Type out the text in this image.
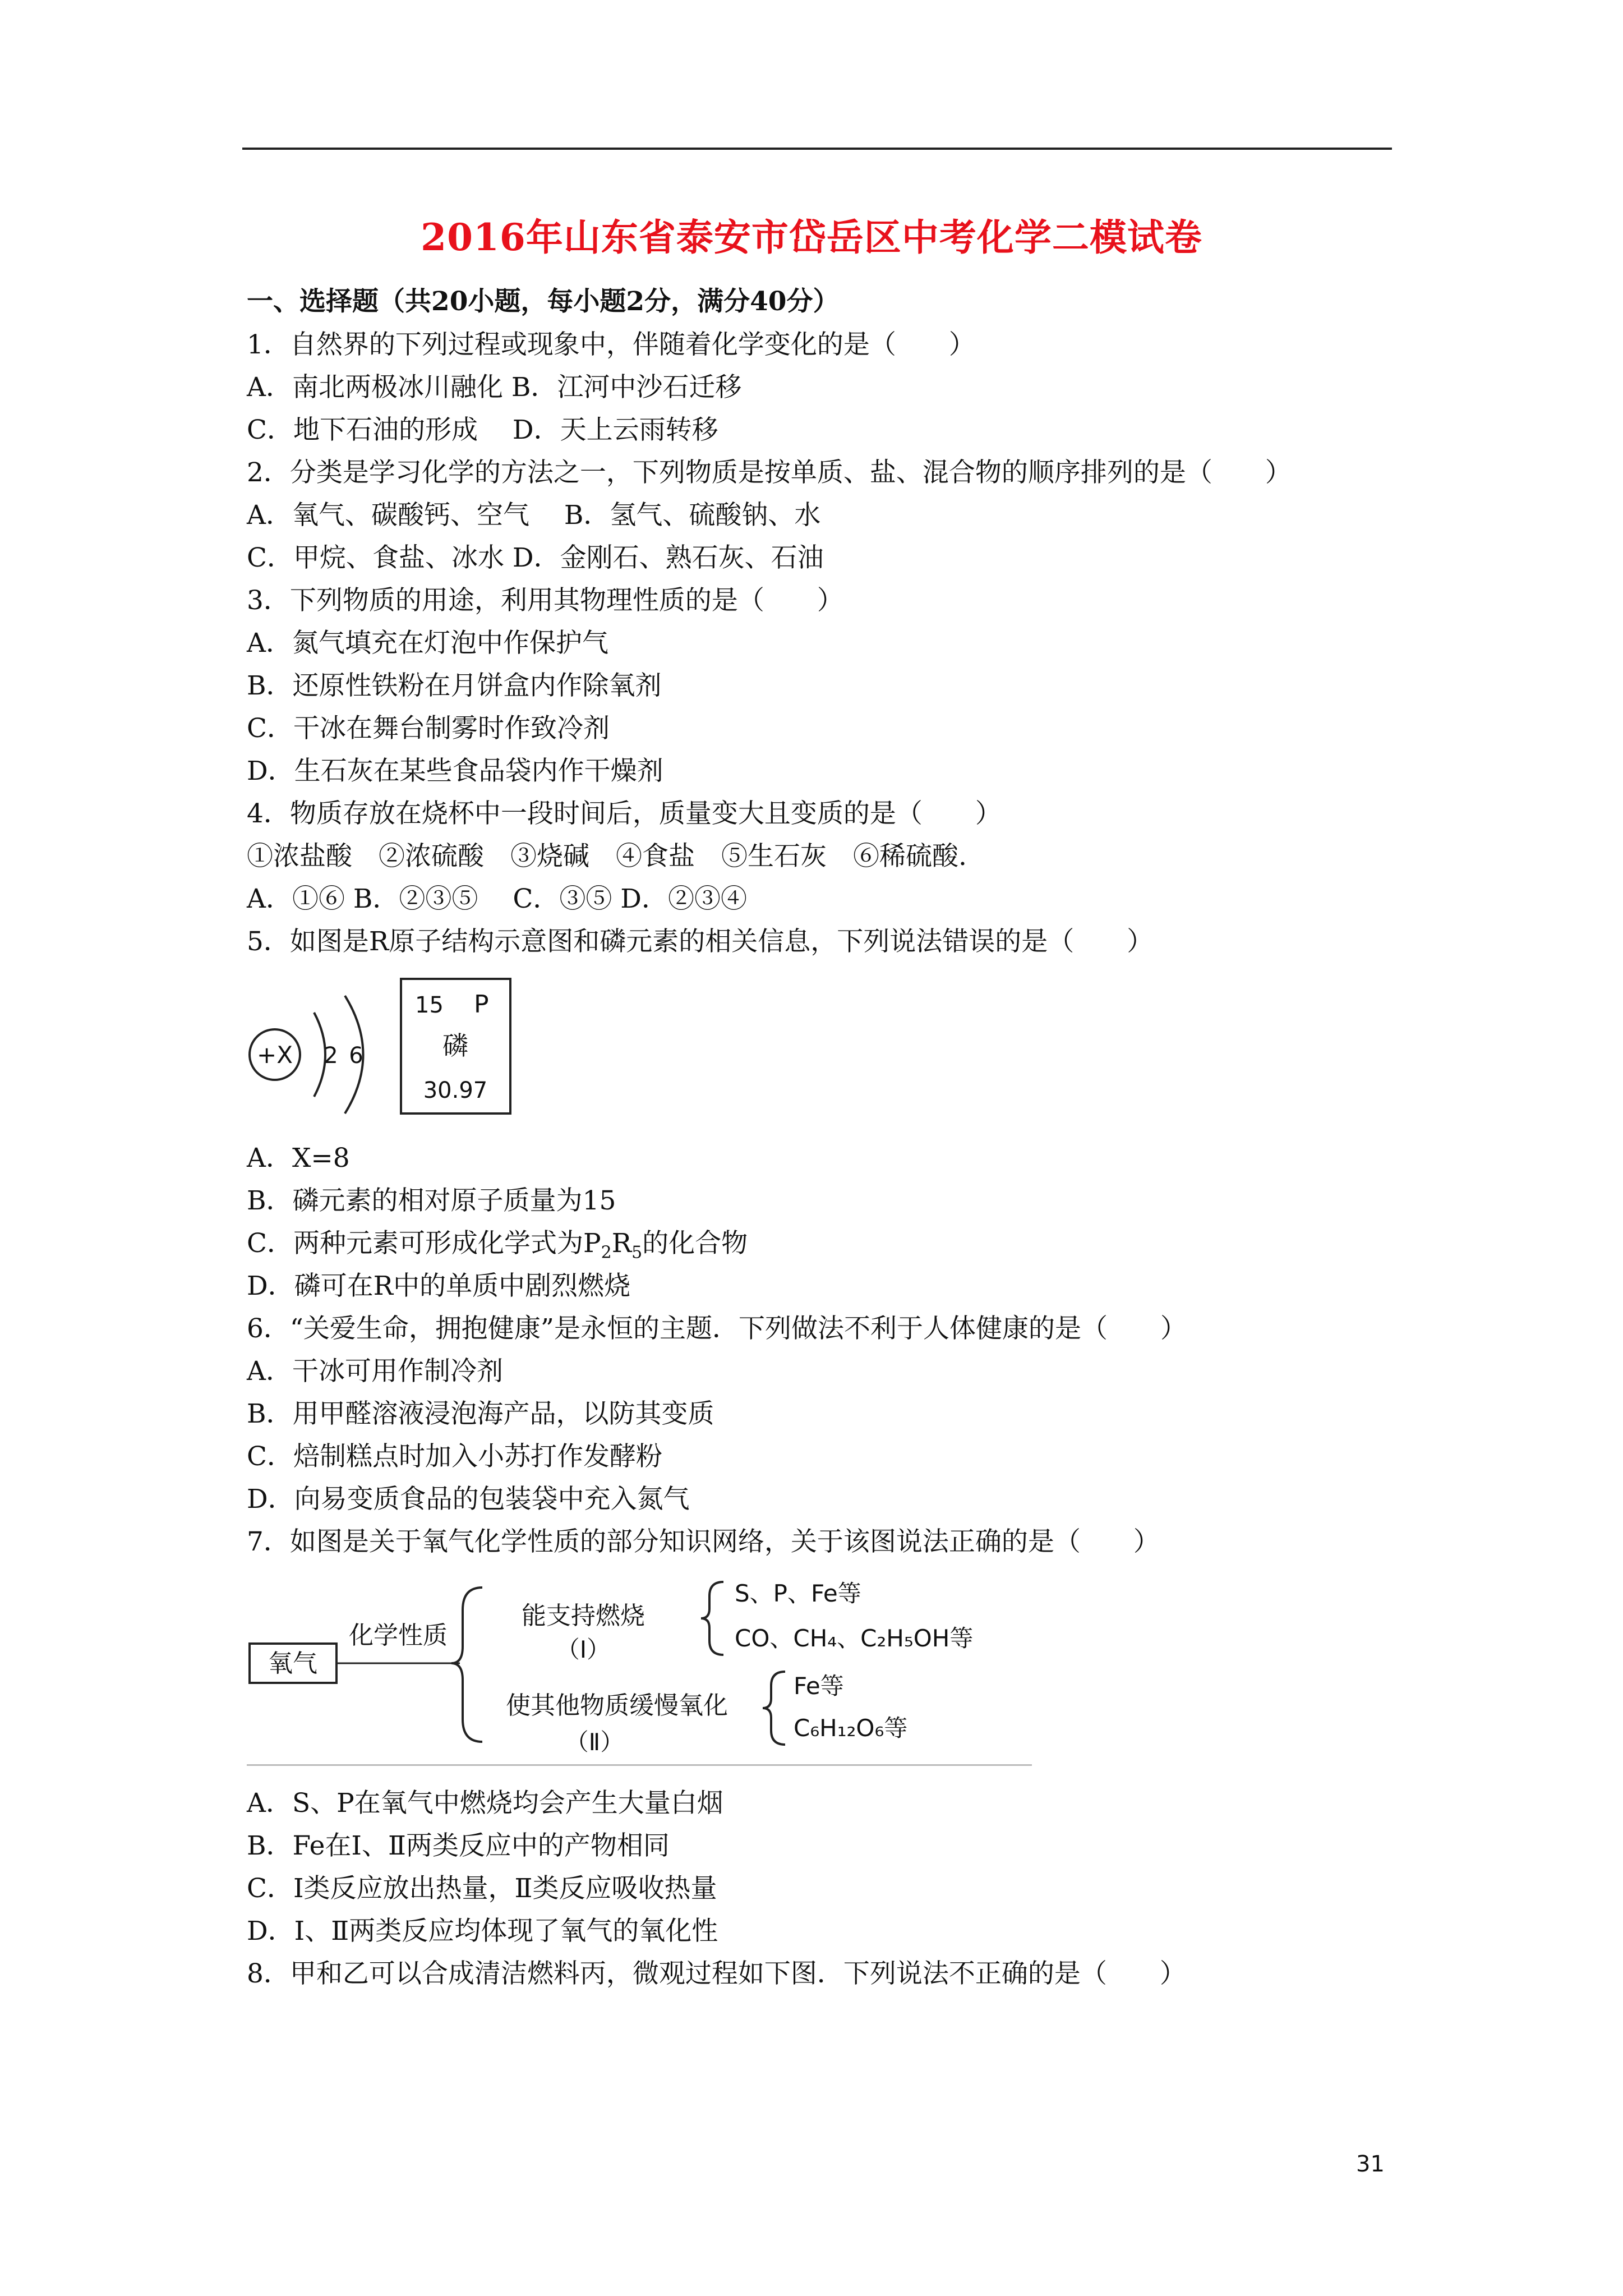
2016年山东省泰安市岱岳区中考化学二模试卷
一、选择题（共20小题，每小题2分，满分40分）
1．自然界的下列过程或现象中，伴随着化学变化的是（　　）
A．南北两极冰川融化 B．江河中沙石迁移
C．地下石油的形成　 D．天上云雨转移
2．分类是学习化学的方法之一，下列物质是按单质、盐、混合物的顺序排列的是（　　）
A．氧气、碳酸钙、空气　 B．氢气、硫酸钠、水
C．甲烷、食盐、冰水 D．金刚石、熟石灰、石油
3．下列物质的用途，利用其物理性质的是（　　）
A．氮气填充在灯泡中作保护气
B．还原性铁粉在月饼盒内作除氧剂
C．干冰在舞台制雾时作致冷剂
D．生石灰在某些食品袋内作干燥剂
4．物质存放在烧杯中一段时间后，质量变大且变质的是（　　）
①浓盐酸　②浓硫酸　③烧碱　④食盐　⑤生石灰　⑥稀硫酸.
A．①⑥ B．②③⑤　 C．③⑤ D．②③④
5．如图是R原子结构示意图和磷元素的相关信息，下列说法错误的是（　　）
+X 2 6
15 P
磷
30.97
A．X=8
B．磷元素的相对原子质量为15
C．两种元素可形成化学式为$P_2R_5$的化合物
D．磷可在R中的单质中剧烈燃烧
6．“关爱生命，拥抱健康”是永恒的主题．下列做法不利于人体健康的是（　　）
A．干冰可用作制冷剂
B．用甲醛溶液浸泡海产品，以防其变质
C．焙制糕点时加入小苏打作发酵粉
D．向易变质食品的包装袋中充入氮气
7．如图是关于氧气化学性质的部分知识网络，关于该图说法正确的是（　　）
氧气
化学性质
能支持燃烧
（Ⅰ）
S、P、Fe等
CO、CH₄、C₂H₅OH等
使其他物质缓慢氧化
（Ⅱ）
Fe等
C₆H₁₂O₆等
A．S、P在氧气中燃烧均会产生大量白烟
B．Fe在Ⅰ、Ⅱ两类反应中的产物相同
C．Ⅰ类反应放出热量，Ⅱ类反应吸收热量
D．Ⅰ、Ⅱ两类反应均体现了氧气的氧化性
8．甲和乙可以合成清洁燃料丙，微观过程如下图．下列说法不正确的是（　　）
31
